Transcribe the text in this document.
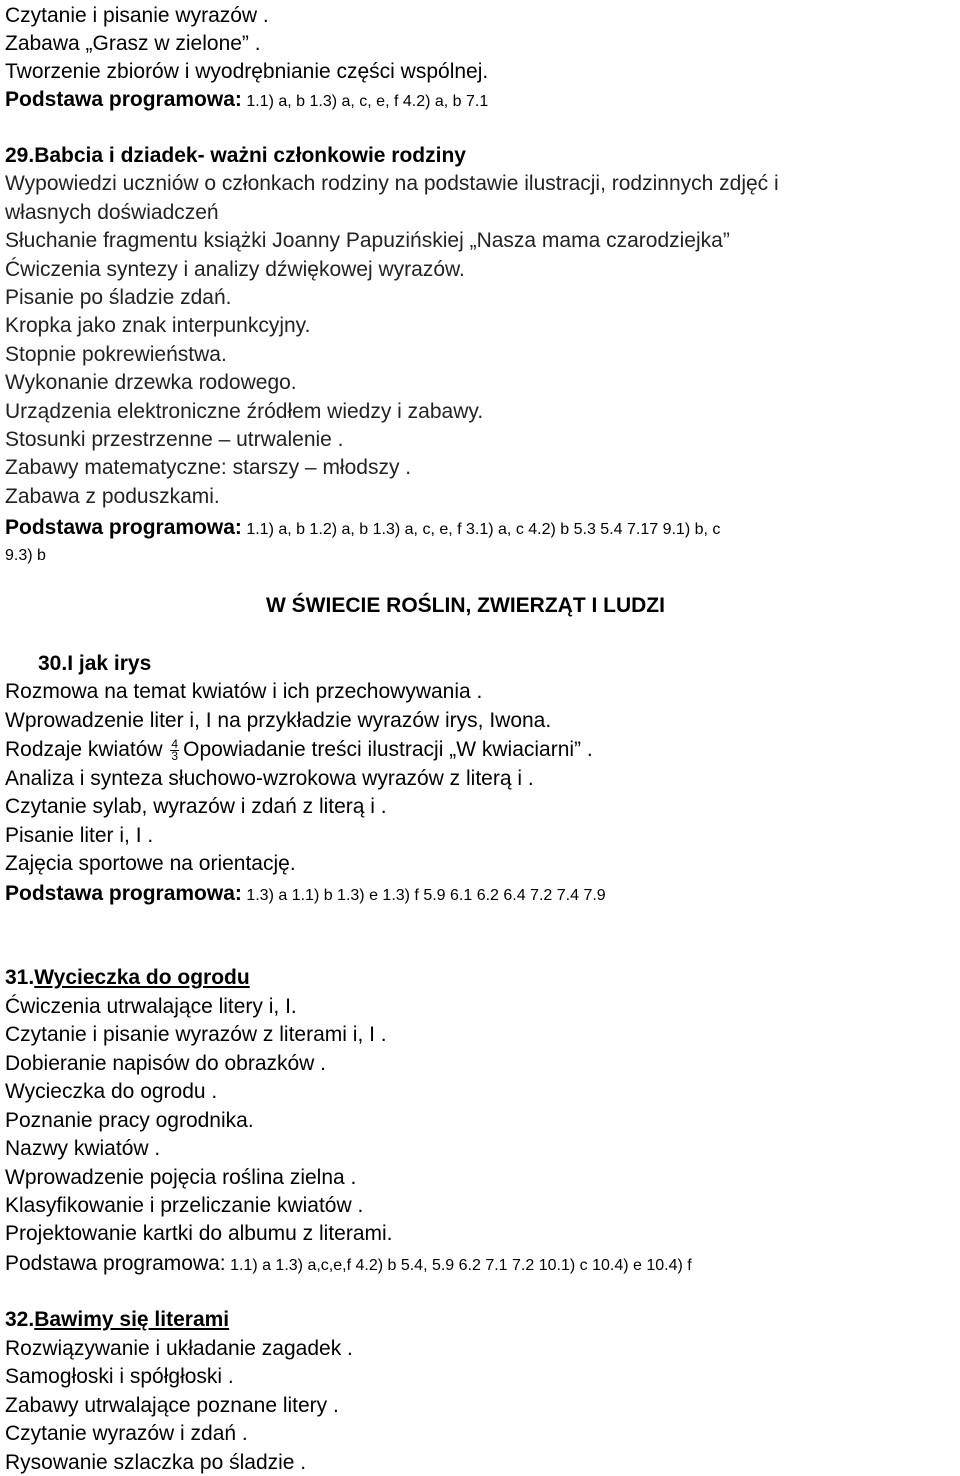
Czytanie i pisanie wyrazów .
Zabawa „Grasz w zielone” .
Tworzenie zbiorów i wyodrębnianie części wspólnej.
Podstawa programowa: 1.1) a, b 1.3) a, c, e, f 4.2) a, b 7.1
29.Babcia i dziadek- ważni członkowie rodziny
Wypowiedzi uczniów o członkach rodziny na podstawie ilustracji, rodzinnych zdjęć i
własnych doświadczeń
Słuchanie fragmentu książki Joanny Papuzińskiej „Nasza mama czarodziejka”
Ćwiczenia syntezy i analizy dźwiękowej wyrazów.
Pisanie po śladzie zdań.
Kropka jako znak interpunkcyjny.
Stopnie pokrewieństwa.
Wykonanie drzewka rodowego.
Urządzenia elektroniczne źródłem wiedzy i zabawy.
Stosunki przestrzenne – utrwalenie .
Zabawy matematyczne: starszy – młodszy .
Zabawa z poduszkami.
Podstawa programowa: 1.1) a, b 1.2) a, b 1.3) a, c, e, f 3.1) a, c 4.2) b 5.3 5.4 7.17 9.1) b, c
9.3) b
W ŚWIECIE ROŚLIN, ZWIERZĄT I LUDZI
30.I jak irys
Rozmowa na temat kwiatów i ich przechowywania .
Wprowadzenie liter i, I na przykładzie wyrazów irys, Iwona.
Rodzaje kwiatów $\frac{4}{3}$ Opowiadanie treści ilustracji „W kwiaciarni” .
Analiza i synteza słuchowo-wzrokowa wyrazów z literą i .
Czytanie sylab, wyrazów i zdań z literą i .
Pisanie liter i, I .
Zajęcia sportowe na orientację.
Podstawa programowa: 1.3) a 1.1) b 1.3) e 1.3) f 5.9 6.1 6.2 6.4 7.2 7.4 7.9
31.Wycieczka do ogrodu
Ćwiczenia utrwalające litery i, I.
Czytanie i pisanie wyrazów z literami i, I .
Dobieranie napisów do obrazków .
Wycieczka do ogrodu .
Poznanie pracy ogrodnika.
Nazwy kwiatów .
Wprowadzenie pojęcia roślina zielna .
Klasyfikowanie i przeliczanie kwiatów .
Projektowanie kartki do albumu z literami.
Podstawa programowa: 1.1) a 1.3) a,c,e,f 4.2) b 5.4, 5.9 6.2 7.1 7.2 10.1) c 10.4) e 10.4) f
32.Bawimy się literami
Rozwiązywanie i układanie zagadek .
Samogłoski i spółgłoski .
Zabawy utrwalające poznane litery .
Czytanie wyrazów i zdań .
Rysowanie szlaczka po śladzie .
